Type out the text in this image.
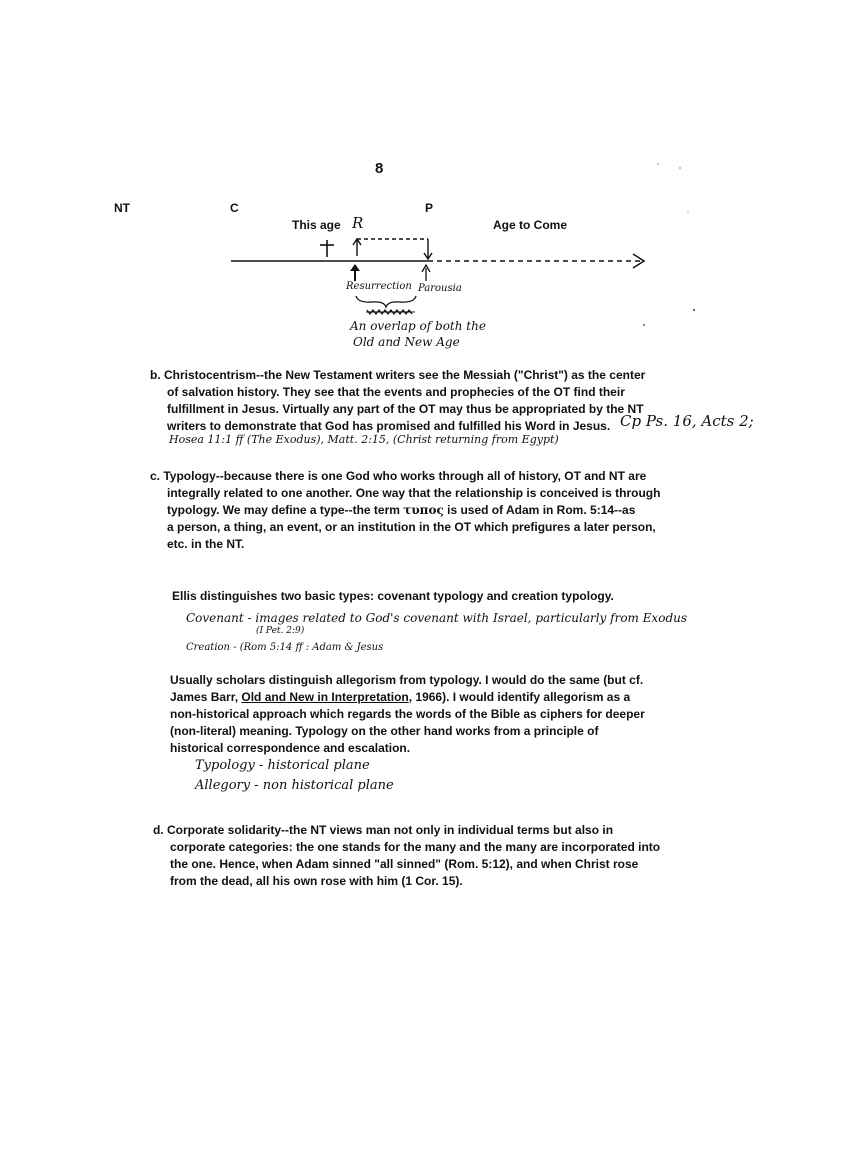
8
NT	C	P
This age R	Age to Come
Resurrection Parousia
An overlap of both the
Old and New Age

b. Christocentrism--the New Testament writers see the Messiah ("Christ") as the center

of salvation history. They see that the events and prophecies of the OT find their

fulfillment in Jesus. Virtually any part of the OT may thus be appropriated by the NT

writers to demonstrate that God has promised and fulfilled his Word in Jesus. Cp Ps. 16, Acts 2;
Hosea 11:1 ff (The Exodus), Matt. 2:15, (Christ returning from Egypt)

c. Typology--because there is one God who works through all of history, OT and NT are

integrally related to one another. One way that the relationship is conceived is through

typology. We may define a type--the term τυπος is used of Adam in Rom. 5:14--as

a person, a thing, an event, or an institution in the OT which prefigures a later person,

etc. in the NT.

Ellis distinguishes two basic types: covenant typology and creation typology.

Covenant - images related to God's covenant with Israel, particularly from Exodus
(I Pet. 2:9)
Creation - (Rom 5:14 ff : Adam & Jesus

Usually scholars distinguish allegorism from typology. I would do the same (but cf.

James Barr, Old and New in Interpretation, 1966). I would identify allegorism as a

non-historical approach which regards the words of the Bible as ciphers for deeper

(non-literal) meaning. Typology on the other hand works from a principle of

historical correspondence and escalation.

Typology - historical plane
Allegory - non historical plane

d. Corporate solidarity--the NT views man not only in individual terms but also in

corporate categories: the one stands for the many and the many are incorporated into

the one. Hence, when Adam sinned "all sinned" (Rom. 5:12), and when Christ rose

from the dead, all his own rose with him (1 Cor. 15).
